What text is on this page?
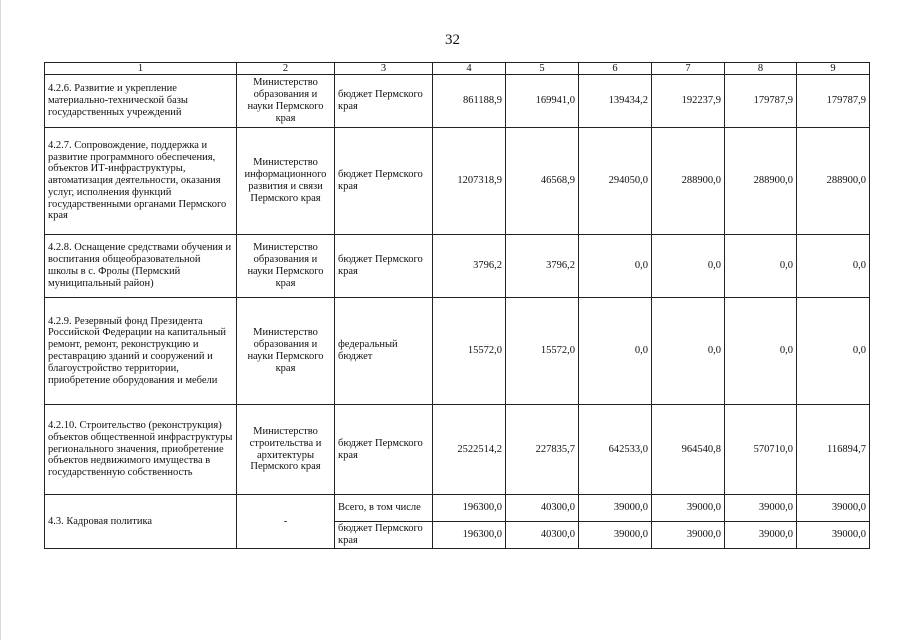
32
1	2	3	4	5	6	7	8	9
4.2.6. Развитие и укрепление материально-технической базы государственных учреждений	Министерство образования и науки Пермского края	бюджет Пермского края	861188,9	169941,0	139434,2	192237,9	179787,9	179787,9
4.2.7. Сопровождение, поддержка и развитие программного обеспечения, объектов ИТ-инфраструктуры, автоматизация деятельности, оказания услуг, исполнения функций государственными органами Пермского края	Министерство информационного развития и связи Пермского края	бюджет Пермского края	1207318,9	46568,9	294050,0	288900,0	288900,0	288900,0
4.2.8. Оснащение средствами обучения и воспитания общеобразовательной школы в с. Фролы (Пермский муниципальный район)	Министерство образования и науки Пермского края	бюджет Пермского края	3796,2	3796,2	0,0	0,0	0,0	0,0
4.2.9. Резервный фонд Президента Российской Федерации на капитальный ремонт, ремонт, реконструкцию и реставрацию зданий и сооружений и благоустройство территории, приобретение оборудования и мебели	Министерство образования и науки Пермского края	федеральный бюджет	15572,0	15572,0	0,0	0,0	0,0	0,0
4.2.10. Строительство (реконструкция) объектов общественной инфраструктуры регионального значения, приобретение объектов недвижимого имущества в государственную собственность	Министерство строительства и архитектуры Пермского края	бюджет Пермского края	2522514,2	227835,7	642533,0	964540,8	570710,0	116894,7
4.3. Кадровая политика	-	Всего, в том числе	196300,0	40300,0	39000,0	39000,0	39000,0	39000,0
		бюджет Пермского края	196300,0	40300,0	39000,0	39000,0	39000,0	39000,0
